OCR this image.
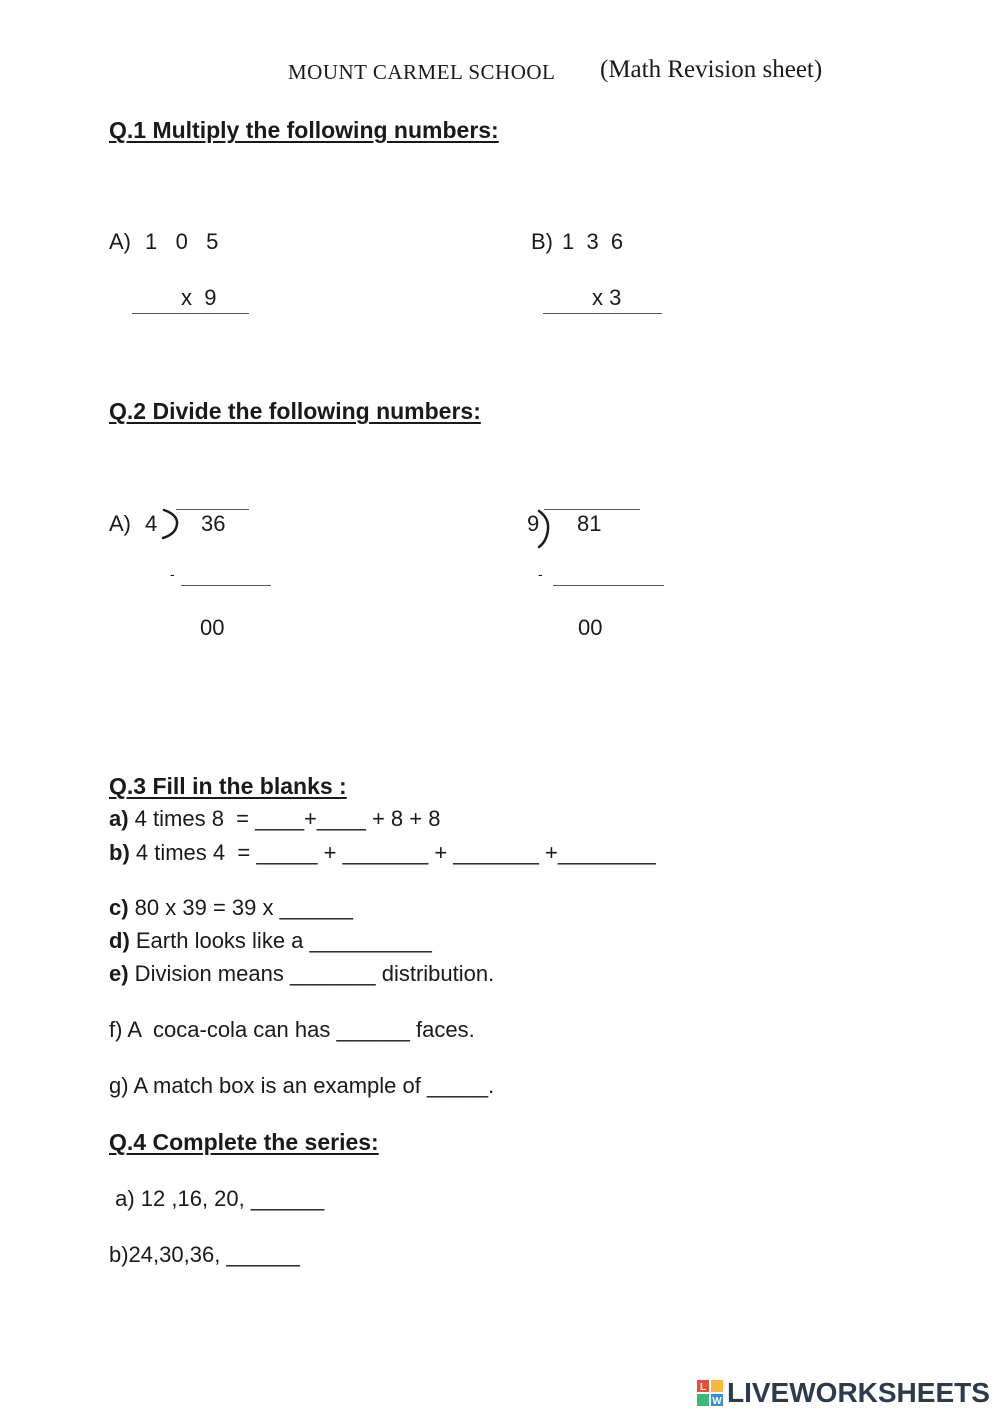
MOUNT CARMEL SCHOOL (Math Revision sheet)
Q.1 Multiply the following numbers:
A) 1   0   5
x  9
B) 1  3  6
x 3
Q.2 Divide the following numbers:
A) 4 36
-
00
9 81
-
00
Q.3 Fill in the blanks :
a) 4 times 8  = ____+____ + 8 + 8
b) 4 times 4  = _____ + _______ + _______ +________
c) 80 x 39 = 39 x ______
d) Earth looks like a __________
e) Division means _______ distribution.
f) A  coca-cola can has ______ faces.
g) A match box is an example of _____.
Q.4 Complete the series:
a) 12 ,16, 20, ______
b)24,30,36, ______
L
W LIVEWORKSHEETS
